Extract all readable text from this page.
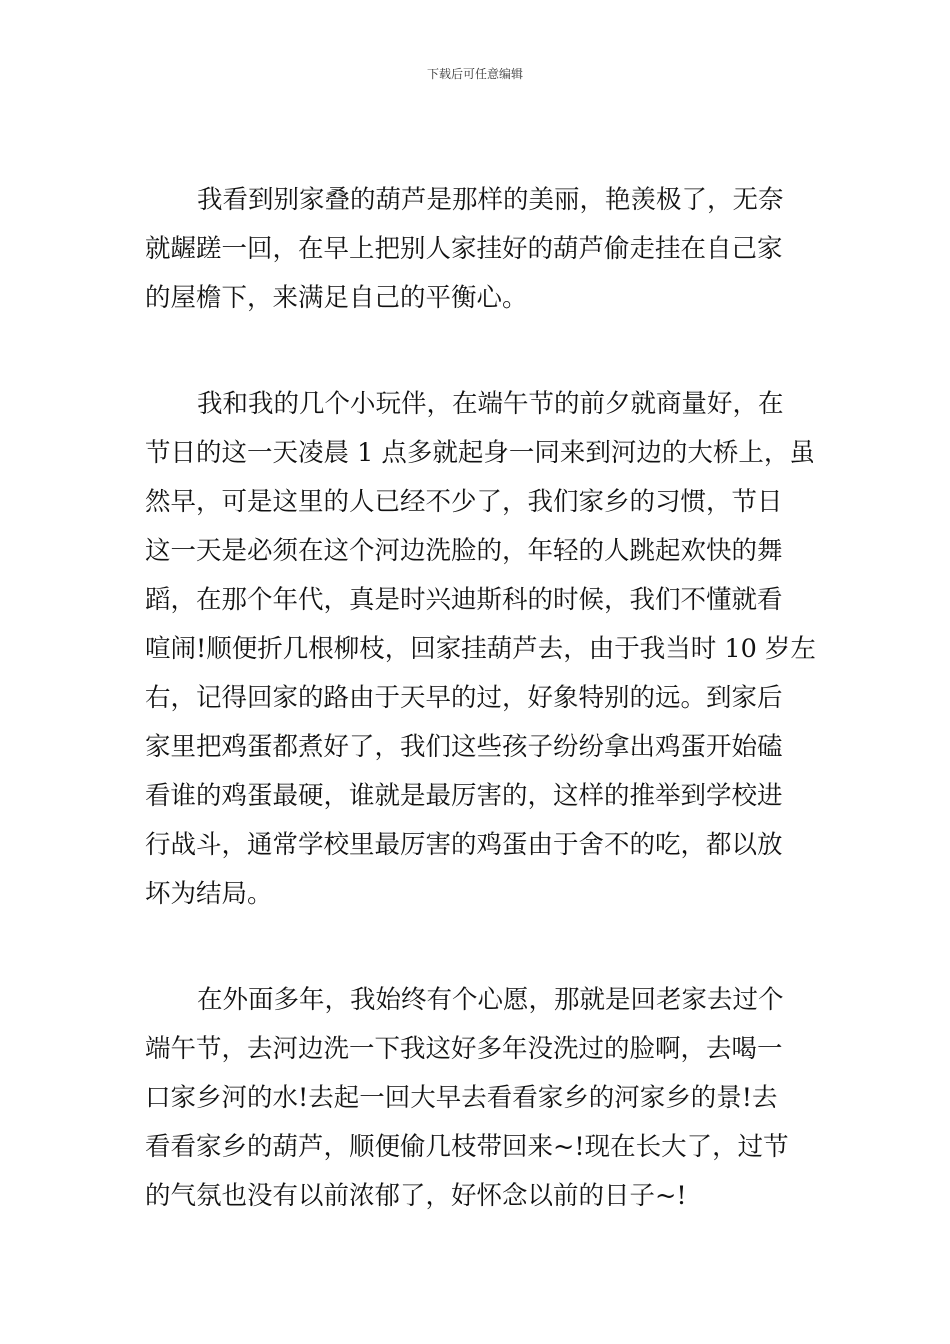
下载后可任意编辑
我看到别家叠的葫芦是那样的美丽，艳羡极了，无奈
就龌蹉一回，在早上把别人家挂好的葫芦偷走挂在自己家
的屋檐下，来满足自己的平衡心。
我和我的几个小玩伴，在端午节的前夕就商量好，在
节日的这一天凌晨 1 点多就起身一同来到河边的大桥上，虽
然早，可是这里的人已经不少了，我们家乡的习惯，节日
这一天是必须在这个河边洗脸的，年轻的人跳起欢快的舞
蹈，在那个年代，真是时兴迪斯科的时候，我们不懂就看
喧闹!顺便折几根柳枝，回家挂葫芦去，由于我当时 10 岁左
右，记得回家的路由于天早的过，好象特别的远。到家后
家里把鸡蛋都煮好了，我们这些孩子纷纷拿出鸡蛋开始磕
看谁的鸡蛋最硬，谁就是最厉害的，这样的推举到学校进
行战斗，通常学校里最厉害的鸡蛋由于舍不的吃，都以放
坏为结局。
在外面多年，我始终有个心愿，那就是回老家去过个
端午节，去河边洗一下我这好多年没洗过的脸啊，去喝一
口家乡河的水!去起一回大早去看看家乡的河家乡的景!去
看看家乡的葫芦，顺便偷几枝带回来~!现在长大了，过节
的气氛也没有以前浓郁了，好怀念以前的日子~!
